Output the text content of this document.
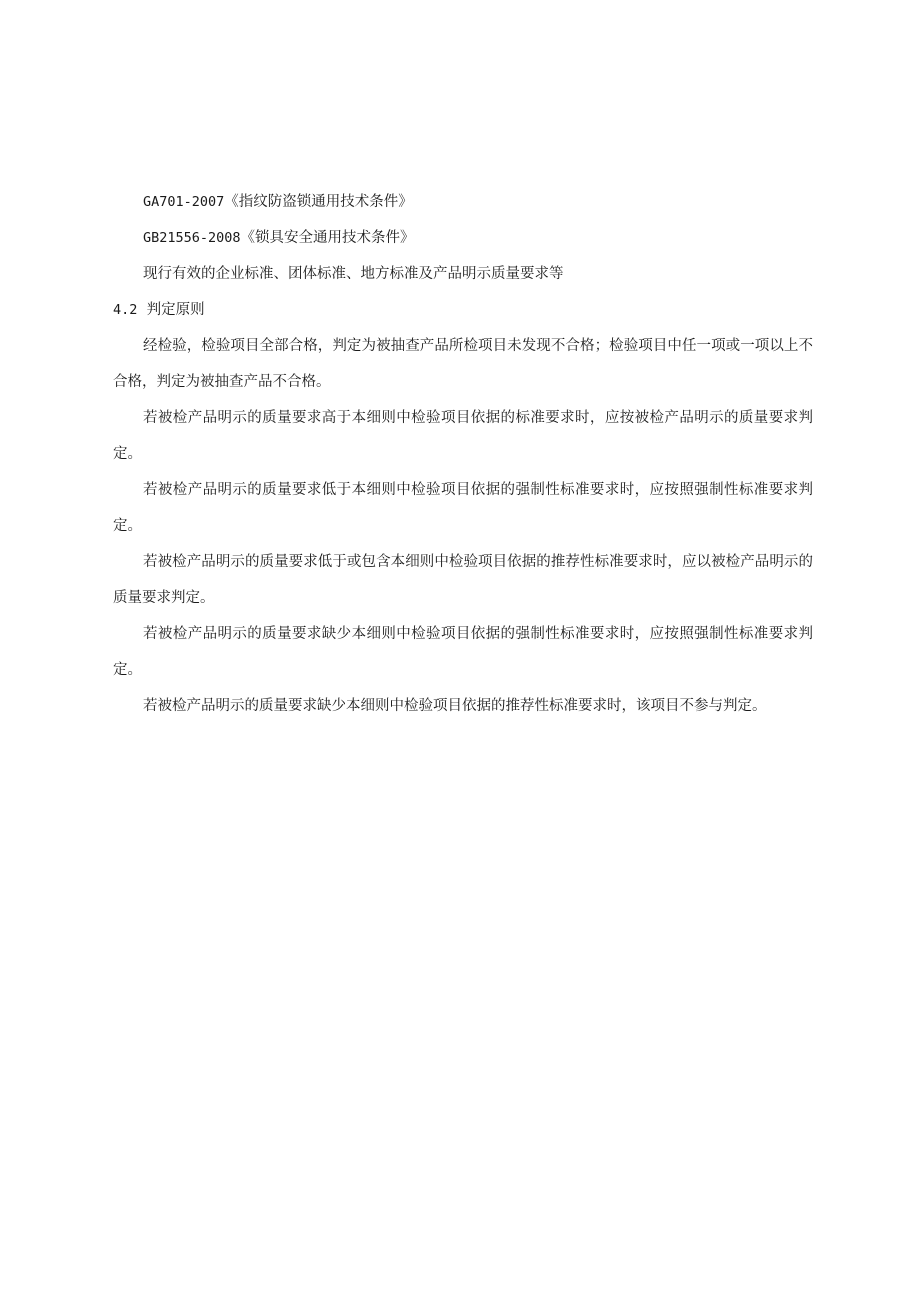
GA701-2007《指纹防盗锁通用技术条件》

GB21556-2008《锁具安全通用技术条件》

现行有效的企业标准、团体标准、地方标准及产品明示质量要求等

4.2 判定原则

经检验，检验项目全部合格，判定为被抽查产品所检项目未发现不合格；检验项目中任一项或一项以上不合格，判定为被抽查产品不合格。

若被检产品明示的质量要求高于本细则中检验项目依据的标准要求时，应按被检产品明示的质量要求判定。

若被检产品明示的质量要求低于本细则中检验项目依据的强制性标准要求时，应按照强制性标准要求判定。

若被检产品明示的质量要求低于或包含本细则中检验项目依据的推荐性标准要求时，应以被检产品明示的质量要求判定。

若被检产品明示的质量要求缺少本细则中检验项目依据的强制性标准要求时，应按照强制性标准要求判定。

若被检产品明示的质量要求缺少本细则中检验项目依据的推荐性标准要求时，该项目不参与判定。
